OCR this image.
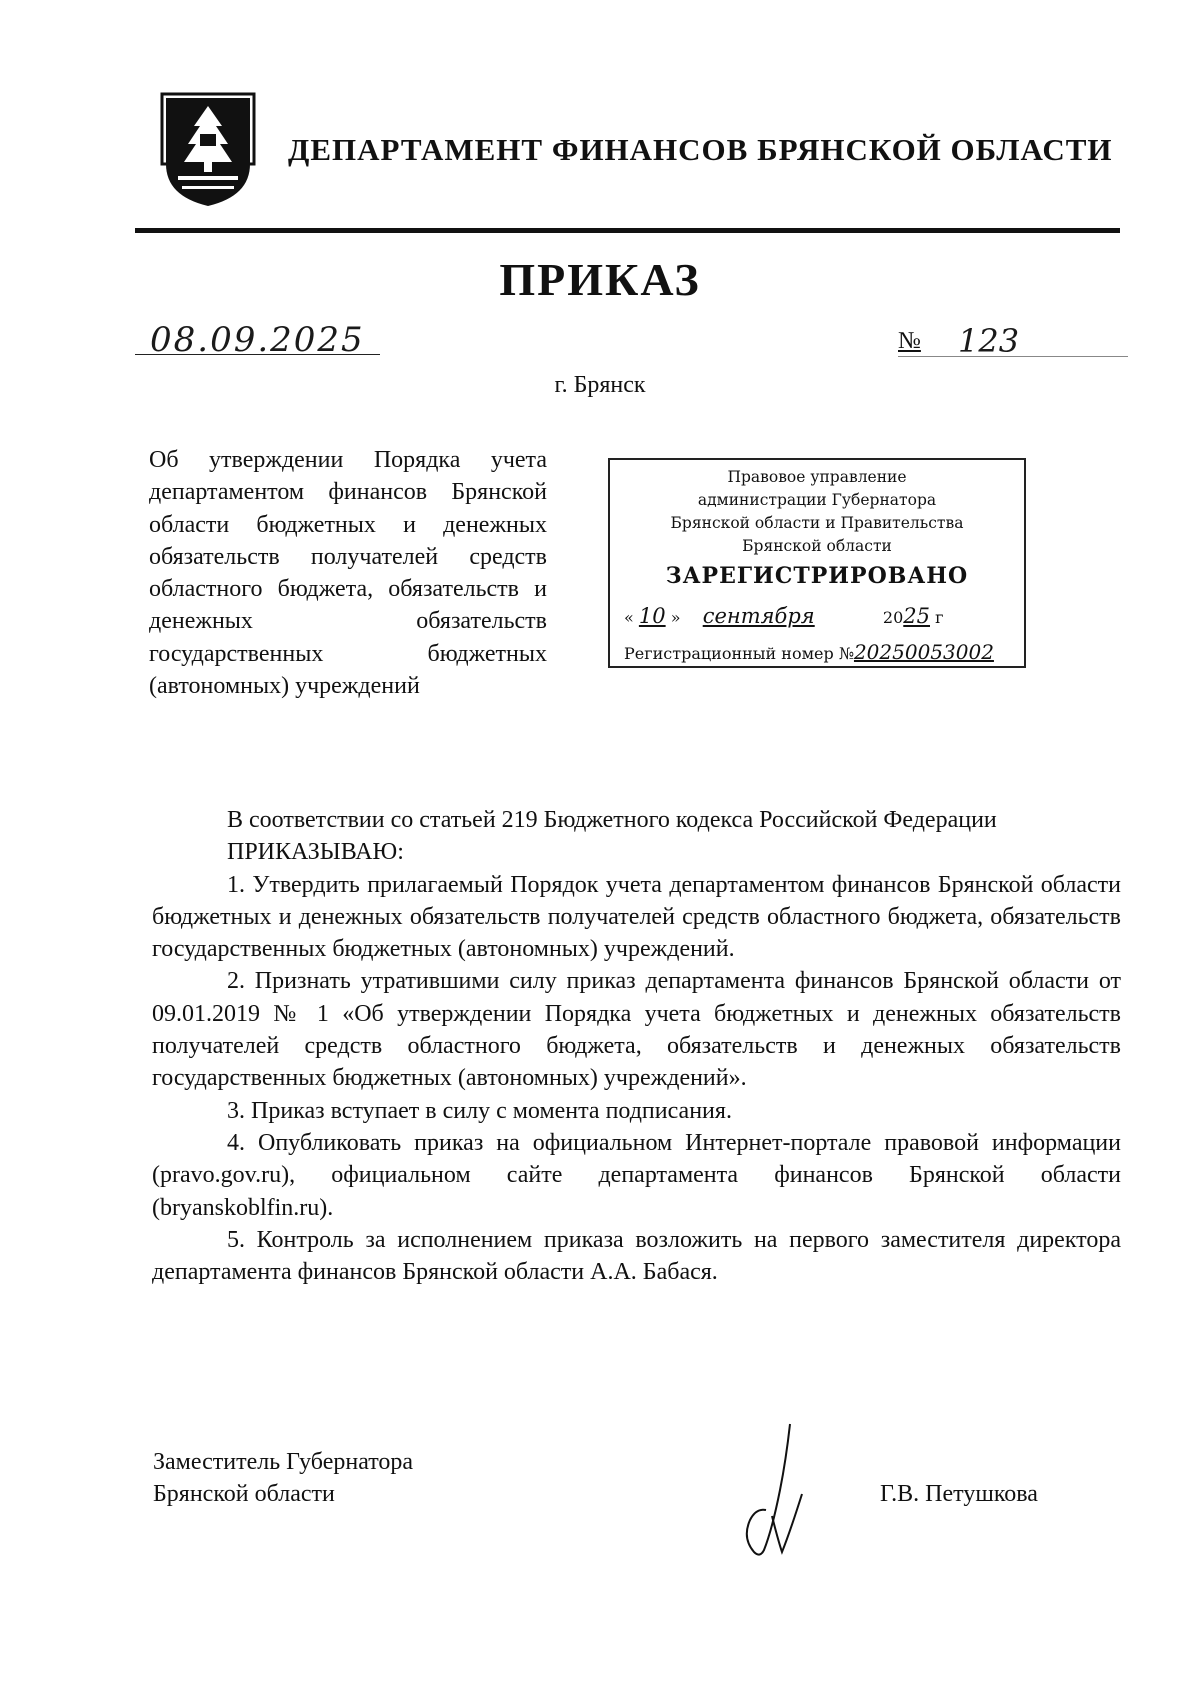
ДЕПАРТАМЕНТ ФИНАНСОВ БРЯНСКОЙ ОБЛАСТИ
ПРИКАЗ
08.09.2025	№ 123
г. Брянск
Об утверждении Порядка учета департаментом финансов Брянской области бюджетных и денежных обязательств получателей средств областного бюджета, обязательств и денежных обязательств государственных бюджетных (автономных) учреждений
Правовое управление
администрации Губернатора
Брянской области и Правительства
Брянской области
ЗАРЕГИСТРИРОВАНО
« 10 » сентября	2025 г
Регистрационный номер №20250053002

В соответствии со статьей 219 Бюджетного кодекса Российской Федерации

ПРИКАЗЫВАЮ:

1. Утвердить прилагаемый Порядок учета департаментом финансов Брянской области бюджетных и денежных обязательств получателей средств областного бюджета, обязательств государственных бюджетных (автономных) учреждений.

2. Признать утратившими силу приказ департамента финансов Брянской области от 09.01.2019 № 1 «Об утверждении Порядка учета бюджетных и денежных обязательств получателей средств областного бюджета, обязательств и денежных обязательств государственных бюджетных (автономных) учреждений».

3. Приказ вступает в силу с момента подписания.

4. Опубликовать приказ на официальном Интернет-портале правовой информации (pravo.gov.ru), официальном сайте департамента финансов Брянской области (bryanskoblfin.ru).

5. Контроль за исполнением приказа возложить на первого заместителя директора департамента финансов Брянской области А.А. Бабася.

Заместитель Губернатора
Брянской области	Г.В. Петушкова
